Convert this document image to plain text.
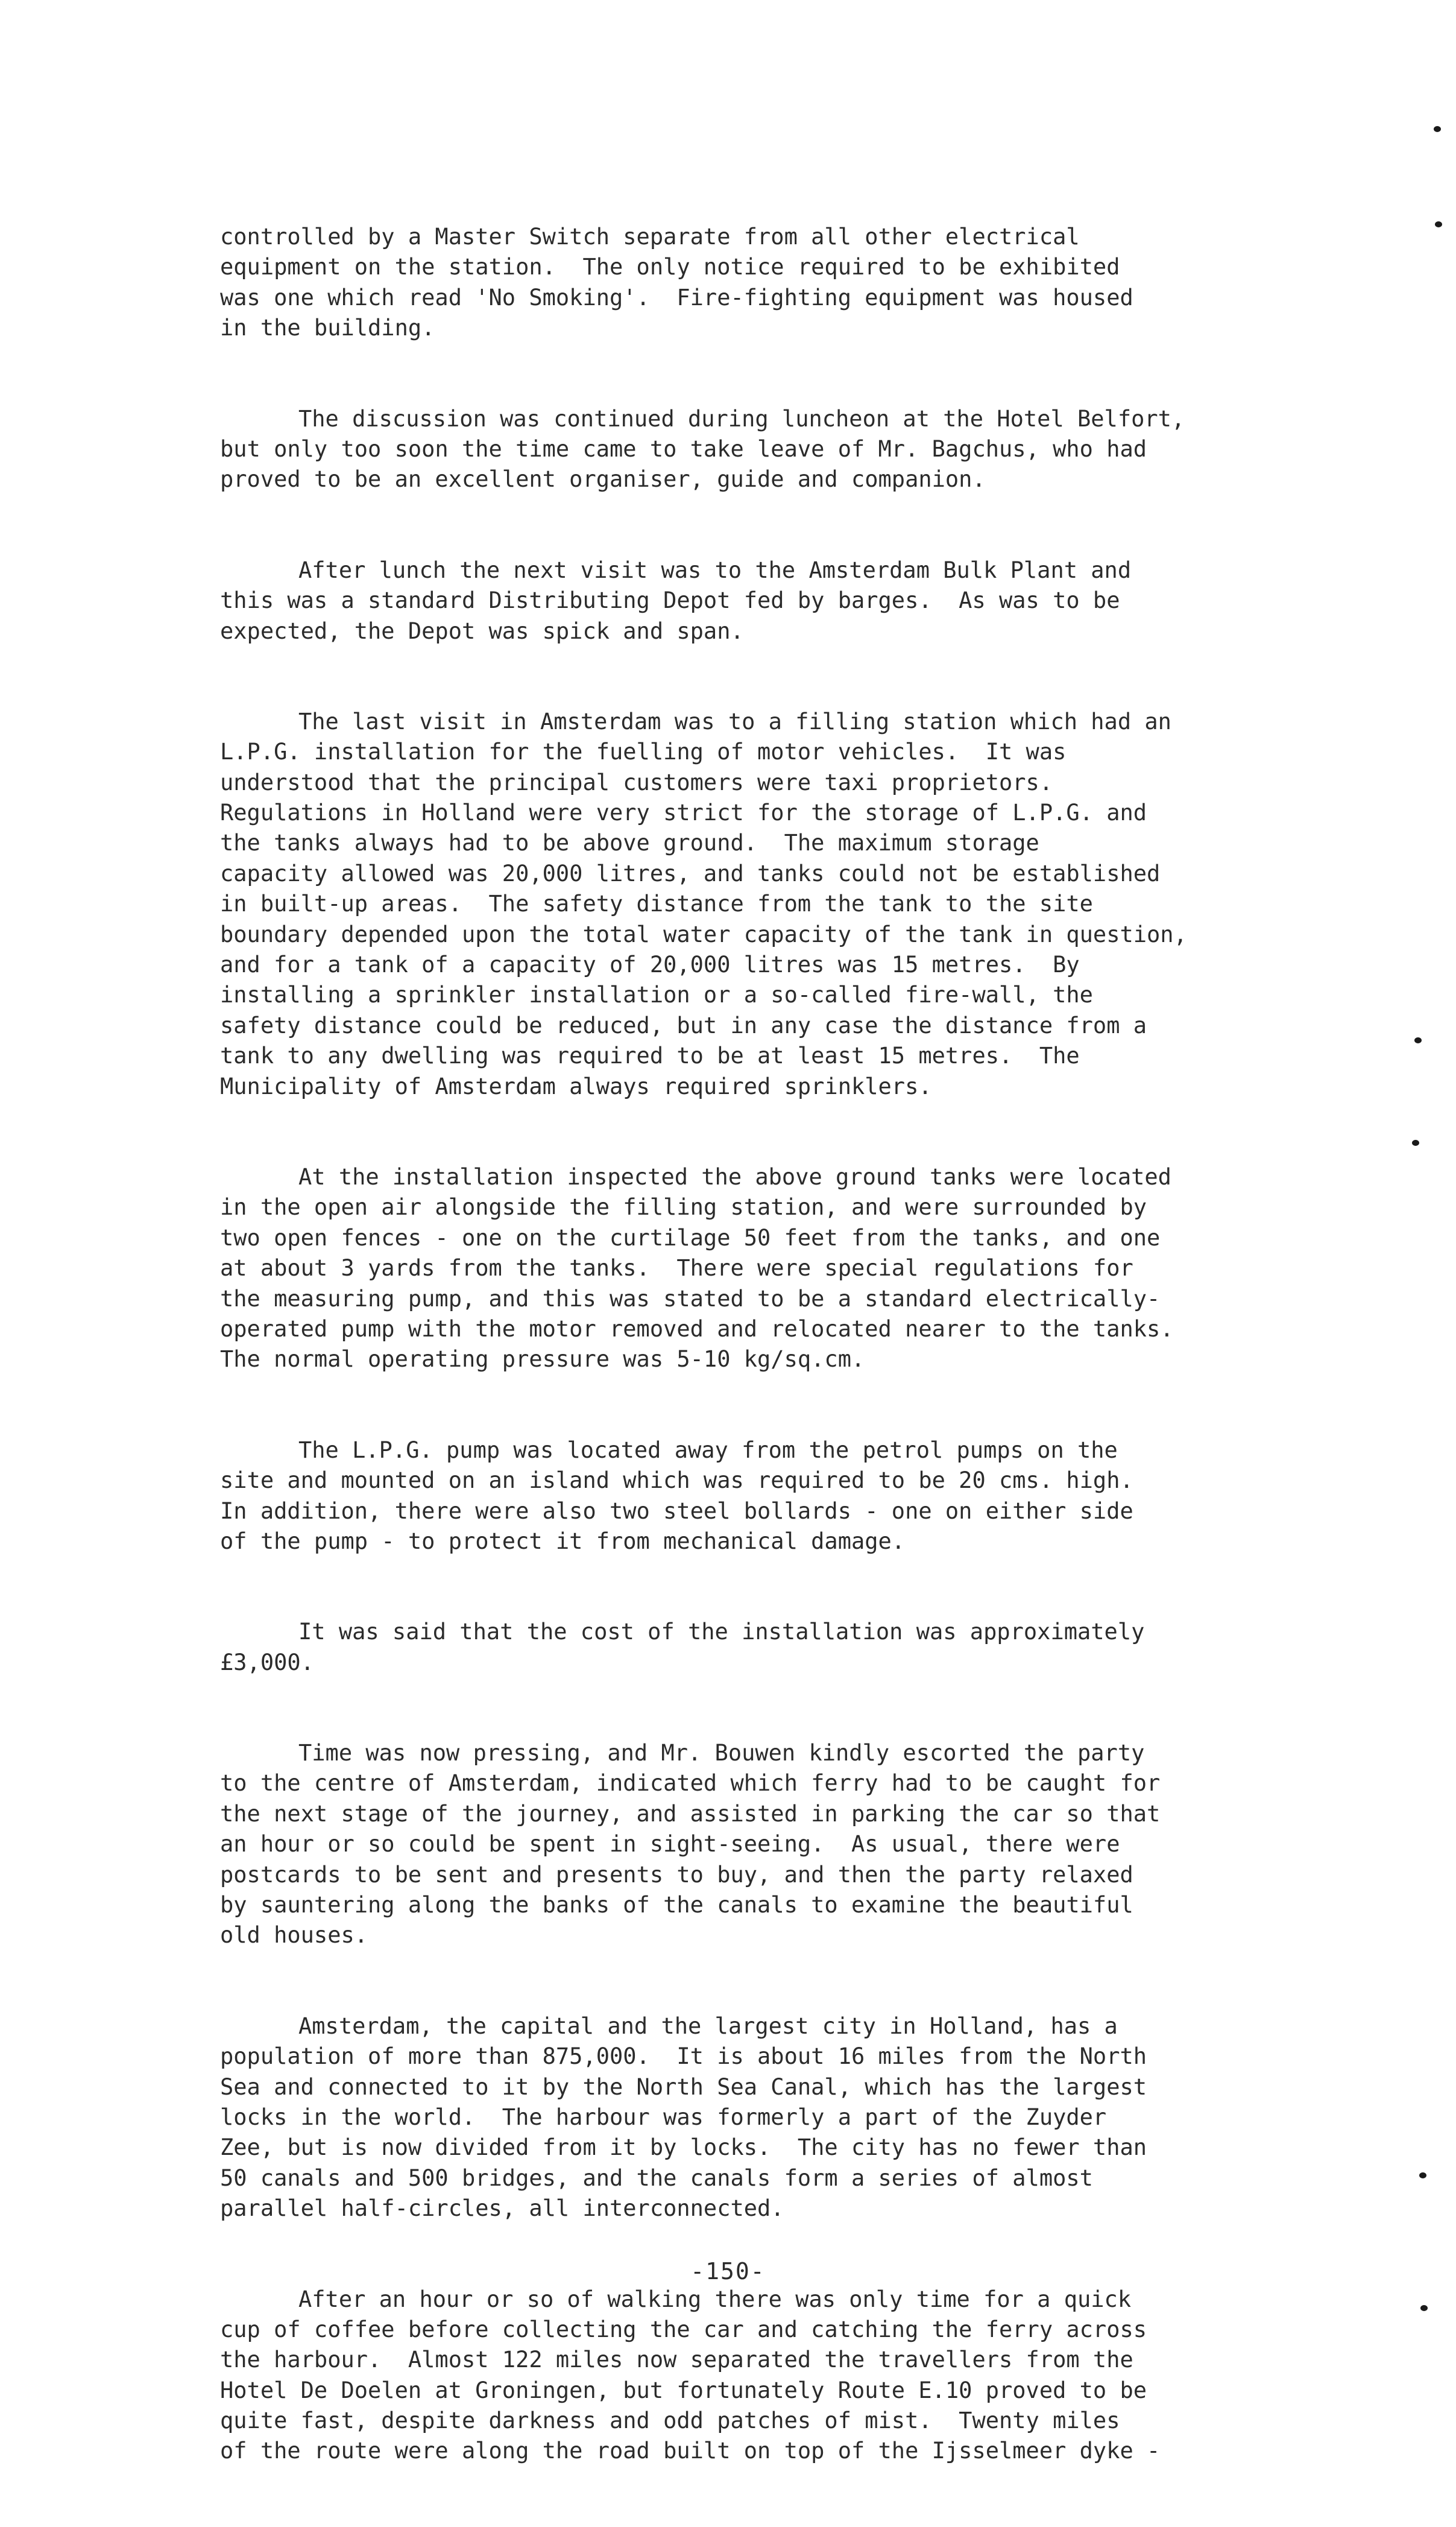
controlled by a Master Switch separate from all other electrical
equipment on the station.  The only notice required to be exhibited
was one which read 'No Smoking'.  Fire-fighting equipment was housed
in the building.

The discussion was continued during luncheon at the Hotel Belfort,
but only too soon the time came to take leave of Mr. Bagchus, who had
proved to be an excellent organiser, guide and companion.

After lunch the next visit was to the Amsterdam Bulk Plant and
this was a standard Distributing Depot fed by barges.  As was to be
expected, the Depot was spick and span.

The last visit in Amsterdam was to a filling station which had an
L.P.G. installation for the fuelling of motor vehicles.  It was
understood that the principal customers were taxi proprietors.
Regulations in Holland were very strict for the storage of L.P.G. and
the tanks always had to be above ground.  The maximum storage
capacity allowed was 20,000 litres, and tanks could not be established
in built-up areas.  The safety distance from the tank to the site
boundary depended upon the total water capacity of the tank in question,
and for a tank of a capacity of 20,000 litres was 15 metres.  By
installing a sprinkler installation or a so-called fire-wall, the
safety distance could be reduced, but in any case the distance from a
tank to any dwelling was required to be at least 15 metres.  The
Municipality of Amsterdam always required sprinklers.

At the installation inspected the above ground tanks were located
in the open air alongside the filling station, and were surrounded by
two open fences - one on the curtilage 50 feet from the tanks, and one
at about 3 yards from the tanks.  There were special regulations for
the measuring pump, and this was stated to be a standard electrically-
operated pump with the motor removed and relocated nearer to the tanks.
The normal operating pressure was 5-10 kg/sq.cm.

The L.P.G. pump was located away from the petrol pumps on the
site and mounted on an island which was required to be 20 cms. high.
In addition, there were also two steel bollards - one on either side
of the pump - to protect it from mechanical damage.

It was said that the cost of the installation was approximately
£3,000.

Time was now pressing, and Mr. Bouwen kindly escorted the party
to the centre of Amsterdam, indicated which ferry had to be caught for
the next stage of the journey, and assisted in parking the car so that
an hour or so could be spent in sight-seeing.  As usual, there were
postcards to be sent and presents to buy, and then the party relaxed
by sauntering along the banks of the canals to examine the beautiful
old houses.

Amsterdam, the capital and the largest city in Holland, has a
population of more than 875,000.  It is about 16 miles from the North
Sea and connected to it by the North Sea Canal, which has the largest
locks in the world.  The harbour was formerly a part of the Zuyder
Zee, but is now divided from it by locks.  The city has no fewer than
50 canals and 500 bridges, and the canals form a series of almost
parallel half-circles, all interconnected.

After an hour or so of walking there was only time for a quick
cup of coffee before collecting the car and catching the ferry across
the harbour.  Almost 122 miles now separated the travellers from the
Hotel De Doelen at Groningen, but fortunately Route E.10 proved to be
quite fast, despite darkness and odd patches of mist.  Twenty miles
of the route were along the road built on top of the Ijsselmeer dyke -

-150-
